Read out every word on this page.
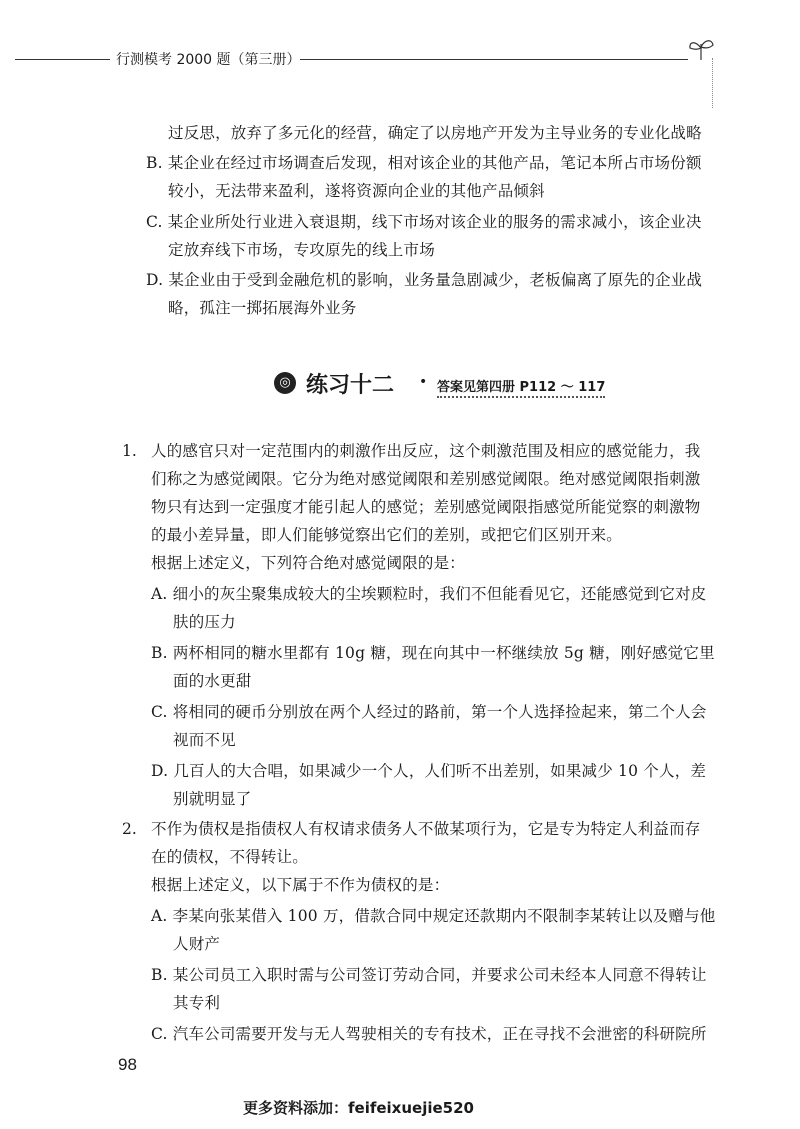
行测模考 2000 题（第三册）
过反思，放弃了多元化的经营，确定了以房地产开发为主导业务的专业化战略
B. 某企业在经过市场调查后发现，相对该企业的其他产品，笔记本所占市场份额
较小，无法带来盈利，遂将资源向企业的其他产品倾斜
C. 某企业所处行业进入衰退期，线下市场对该企业的服务的需求减小，该企业决
定放弃线下市场，专攻原先的线上市场
D. 某企业由于受到金融危机的影响，业务量急剧减少，老板偏离了原先的企业战
略，孤注一掷拓展海外业务
◎ 练习十二 • 答案见第四册 P112 ～ 117
1. 人的感官只对一定范围内的刺激作出反应，这个刺激范围及相应的感觉能力，我
们称之为感觉阈限。它分为绝对感觉阈限和差别感觉阈限。绝对感觉阈限指刺激
物只有达到一定强度才能引起人的感觉；差别感觉阈限指感觉所能觉察的刺激物
的最小差异量，即人们能够觉察出它们的差别，或把它们区别开来。
根据上述定义，下列符合绝对感觉阈限的是：
A. 细小的灰尘聚集成较大的尘埃颗粒时，我们不但能看见它，还能感觉到它对皮
肤的压力
B. 两杯相同的糖水里都有 10g 糖，现在向其中一杯继续放 5g 糖，刚好感觉它里
面的水更甜
C. 将相同的硬币分别放在两个人经过的路前，第一个人选择捡起来，第二个人会
视而不见
D. 几百人的大合唱，如果减少一个人，人们听不出差别，如果减少 10 个人，差
别就明显了
2. 不作为债权是指债权人有权请求债务人不做某项行为，它是专为特定人利益而存
在的债权，不得转让。
根据上述定义，以下属于不作为债权的是：
A. 李某向张某借入 100 万，借款合同中规定还款期内不限制李某转让以及赠与他
人财产
B. 某公司员工入职时需与公司签订劳动合同，并要求公司未经本人同意不得转让
其专利
C. 汽车公司需要开发与无人驾驶相关的专有技术，正在寻找不会泄密的科研院所
98
更多资料添加：feifeixuejie520
